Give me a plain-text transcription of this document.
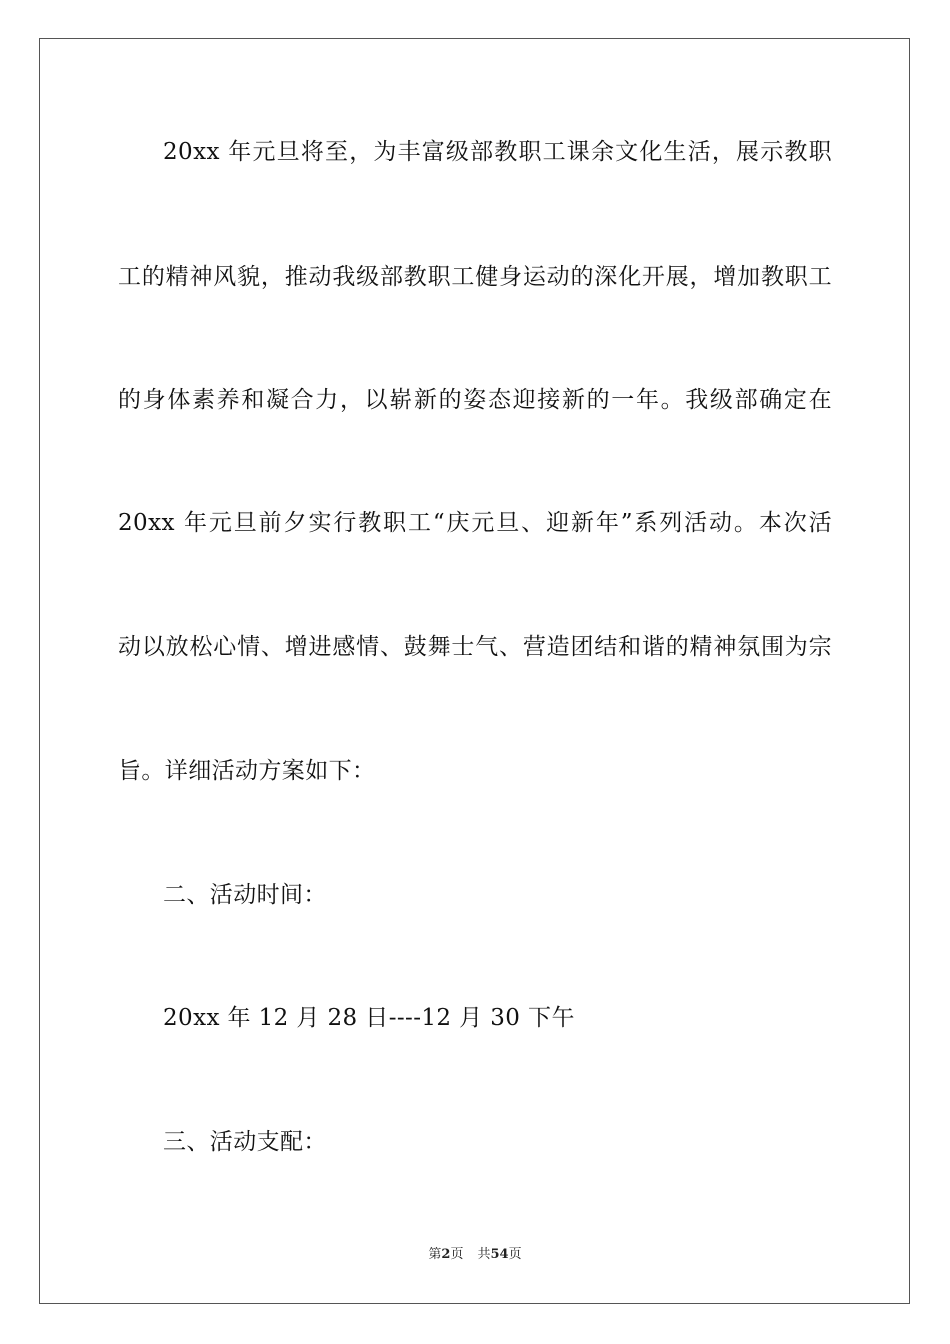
20xx 年元旦将至，为丰富级部教职工课余文化生活，展示教职
工的精神风貌，推动我级部教职工健身运动的深化开展，增加教职工
的身体素养和凝合力，以崭新的姿态迎接新的一年。我级部确定在
20xx 年元旦前夕实行教职工“庆元旦、迎新年”系列活动。本次活
动以放松心情、增进感情、鼓舞士气、营造团结和谐的精神氛围为宗
旨。详细活动方案如下：
二、活动时间：
20xx 年 12 月 28 日----12 月 30 下午
三、活动支配：
第2页 共54页
